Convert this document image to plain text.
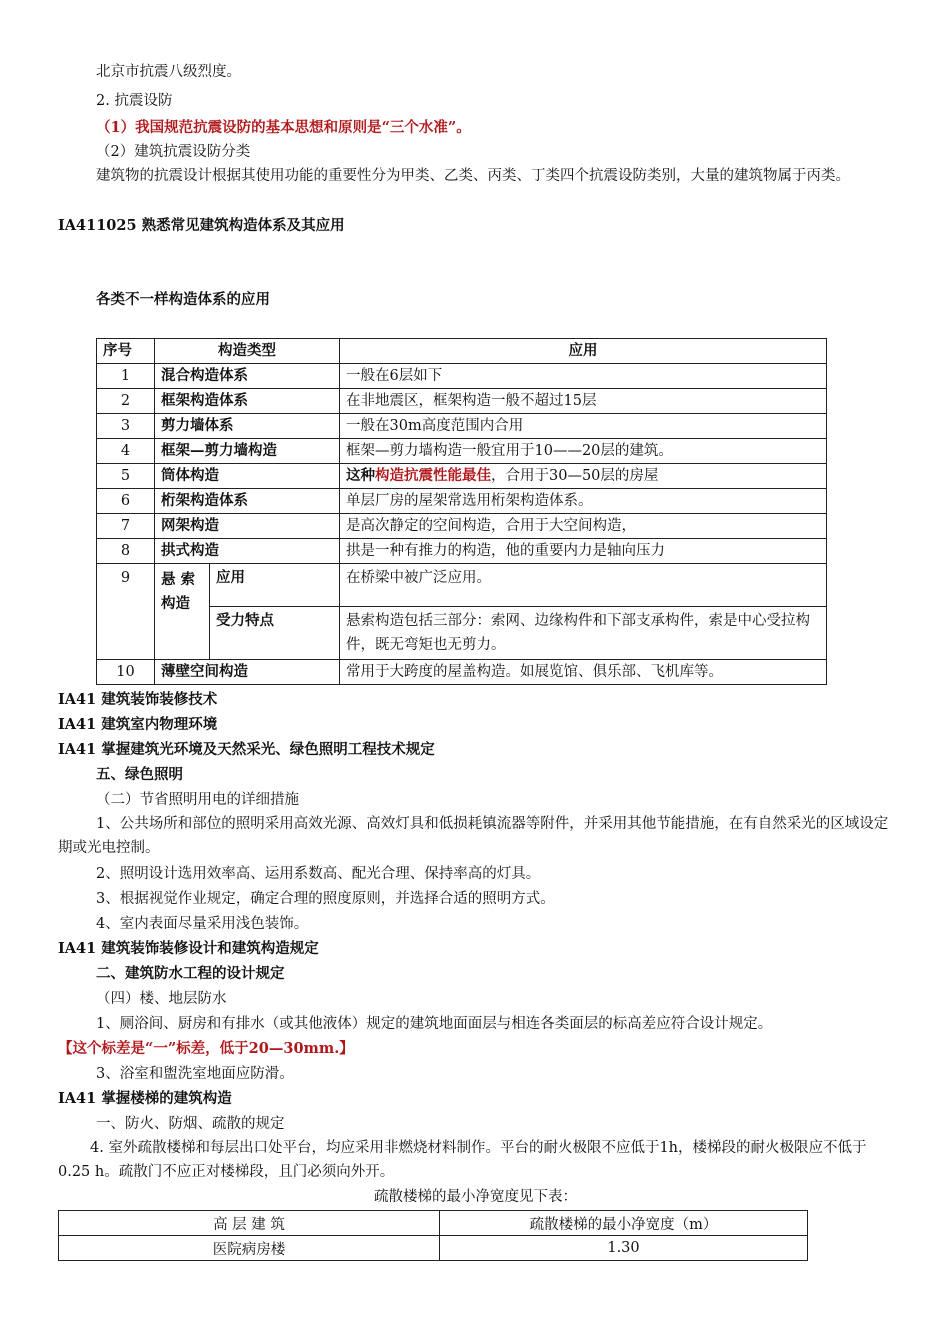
北京市抗震八级烈度。
2. 抗震设防
（1）我国规范抗震设防的基本思想和原则是“三个水准”。
（2）建筑抗震设防分类
建筑物的抗震设计根据其使用功能的重要性分为甲类、乙类、丙类、丁类四个抗震设防类别，大量的建筑物属于丙类。
IA411025 熟悉常见建筑构造体系及其应用
各类不一样构造体系的应用
序号	构造类型		应用
1	混合构造体系		一般在6层如下
2	框架构造体系		在非地震区，框架构造一般不超过15层
3	剪力墙体系		一般在30m高度范围内合用
4	框架—剪力墙构造		框架—剪力墙构造一般宜用于10——20层的建筑。
5	筒体构造		这种构造抗震性能最佳，合用于30—50层的房屋
6	桁架构造体系		单层厂房的屋架常选用桁架构造体系。
7	网架构造		是高次静定的空间构造，合用于大空间构造，
8	拱式构造		拱是一种有推力的构造，他的重要内力是轴向压力
9	悬 索构造	应用	在桥梁中被广泛应用。
		受力特点	悬索构造包括三部分：索网、边缘构件和下部支承构件，索是中心受拉构件，既无弯矩也无剪力。
10	薄壁空间构造		常用于大跨度的屋盖构造。如展览馆、俱乐部、飞机库等。
IA41 建筑装饰装修技术
IA41 建筑室内物理环境
IA41 掌握建筑光环境及天然采光、绿色照明工程技术规定
五、绿色照明
（二）节省照明用电的详细措施
1、公共场所和部位的照明采用高效光源、高效灯具和低损耗镇流器等附件，并采用其他节能措施，在有自然采光的区域设定期或光电控制。
2、照明设计选用效率高、运用系数高、配光合理、保持率高的灯具。
3、根据视觉作业规定，确定合理的照度原则，并选择合适的照明方式。
4、室内表面尽量采用浅色装饰。
IA41 建筑装饰装修设计和建筑构造规定
二、建筑防水工程的设计规定
（四）楼、地层防水
1、厕浴间、厨房和有排水（或其他液体）规定的建筑地面面层与相连各类面层的标高差应符合设计规定。
【这个标差是“一”标差，低于20—30mm.】
3、浴室和盥洗室地面应防滑。
IA41 掌握楼梯的建筑构造
一、防火、防烟、疏散的规定
4. 室外疏散楼梯和每层出口处平台，均应采用非燃烧材料制作。平台的耐火极限不应低于1h，楼梯段的耐火极限应不低于0.25 h。疏散门不应正对楼梯段，且门必须向外开。
疏散楼梯的最小净宽度见下表：
高 层 建 筑	疏散楼梯的最小净宽度（m）
医院病房楼	1.30
